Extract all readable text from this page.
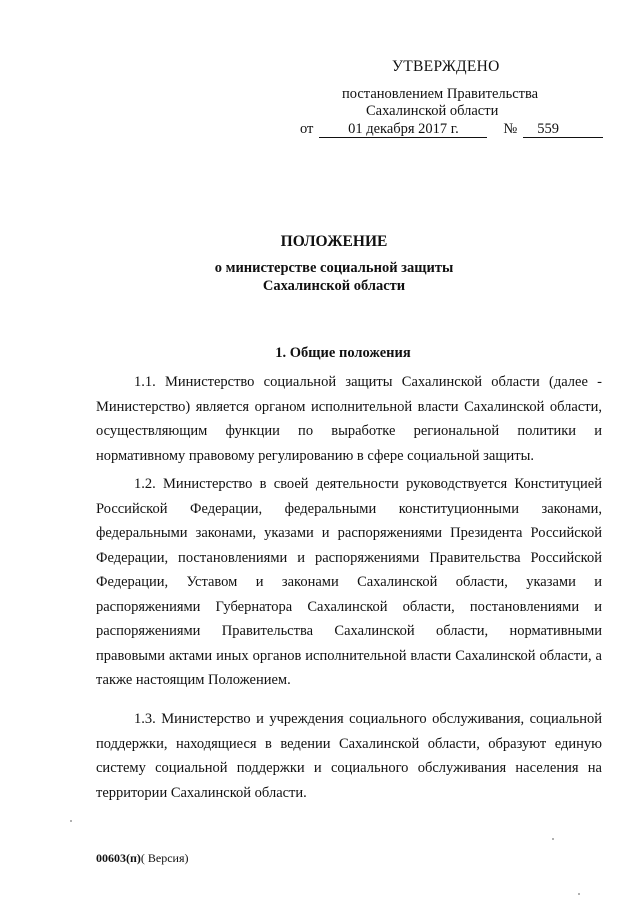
УТВЕРЖДЕНО
постановлением Правительства
Сахалинской области
от	01 декабря 2017 г.	№	559
ПОЛОЖЕНИЕ
о министерстве социальной защиты
Сахалинской области
1. Общие положения

1.1. Министерство социальной защиты Сахалинской области (далее - Министерство) является органом исполнительной власти Сахалинской области, осуществляющим функции по выработке региональной политики и нормативному правовому регулированию в сфере социальной защиты.

1.2. Министерство в своей деятельности руководствуется Конституцией Российской Федерации, федеральными конституционными законами, федеральными законами, указами и распоряжениями Президента Российской Федерации, постановлениями и распоряжениями Правительства Российской Федерации, Уставом и законами Сахалинской области, указами и распоряжениями Губернатора Сахалинской области, постановлениями и распоряжениями Правительства Сахалинской области, нормативными правовыми актами иных органов исполнительной власти Сахалинской области, а также настоящим Положением.

1.3. Министерство и учреждения социального обслуживания, социальной поддержки, находящиеся в ведении Сахалинской области, образуют единую систему социальной поддержки и социального обслуживания населения на территории Сахалинской области.

00603(п)( Версия)
